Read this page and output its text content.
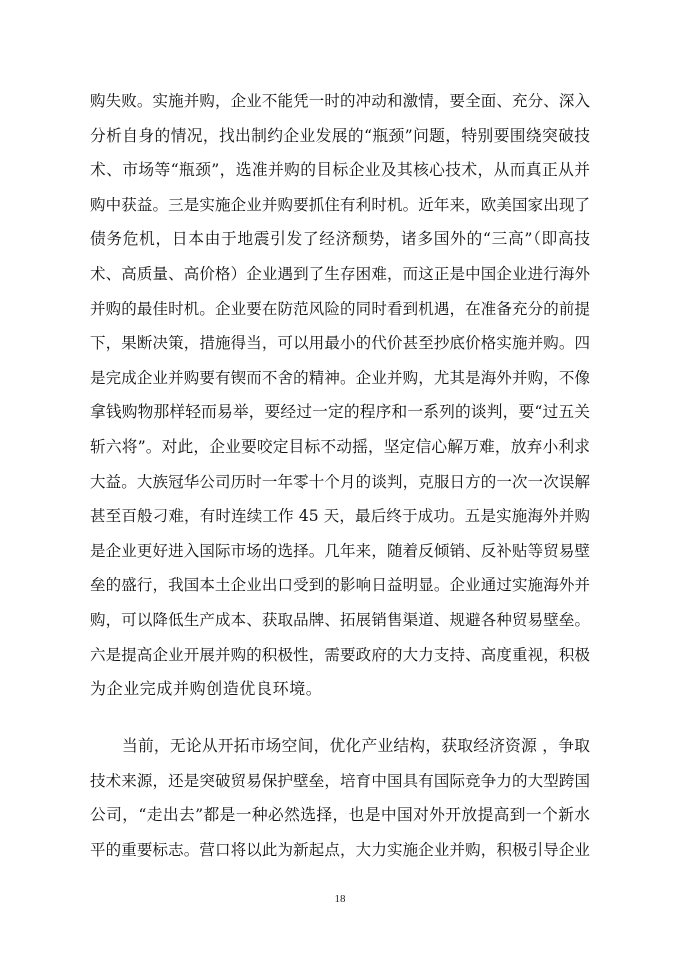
购失败。实施并购，企业不能凭一时的冲动和激情，要全面、充分、深入
分析自身的情况，找出制约企业发展的“瓶颈”问题，特别要围绕突破技
术、市场等“瓶颈”，选准并购的目标企业及其核心技术，从而真正从并
购中获益。三是实施企业并购要抓住有利时机。近年来，欧美国家出现了
债务危机，日本由于地震引发了经济颓势，诸多国外的“三高”（即高技
术、高质量、高价格）企业遇到了生存困难，而这正是中国企业进行海外
并购的最佳时机。企业要在防范风险的同时看到机遇，在准备充分的前提
下，果断决策，措施得当，可以用最小的代价甚至抄底价格实施并购。四
是完成企业并购要有锲而不舍的精神。企业并购，尤其是海外并购，不像
拿钱购物那样轻而易举，要经过一定的程序和一系列的谈判，要“过五关
斩六将”。对此，企业要咬定目标不动摇，坚定信心解万难，放弃小利求
大益。大族冠华公司历时一年零十个月的谈判，克服日方的一次一次误解
甚至百般刁难，有时连续工作 45 天，最后终于成功。五是实施海外并购
是企业更好进入国际市场的选择。几年来，随着反倾销、反补贴等贸易壁
垒的盛行，我国本土企业出口受到的影响日益明显。企业通过实施海外并
购，可以降低生产成本、获取品牌、拓展销售渠道、规避各种贸易壁垒。
六是提高企业开展并购的积极性，需要政府的大力支持、高度重视，积极
为企业完成并购创造优良环境。
当前，无论从开拓市场空间，优化产业结构，获取经济资源 ，争取
技术来源，还是突破贸易保护壁垒，培育中国具有国际竞争力的大型跨国
公司，“走出去”都是一种必然选择，也是中国对外开放提高到一个新水
平的重要标志。营口将以此为新起点，大力实施企业并购，积极引导企业
18
